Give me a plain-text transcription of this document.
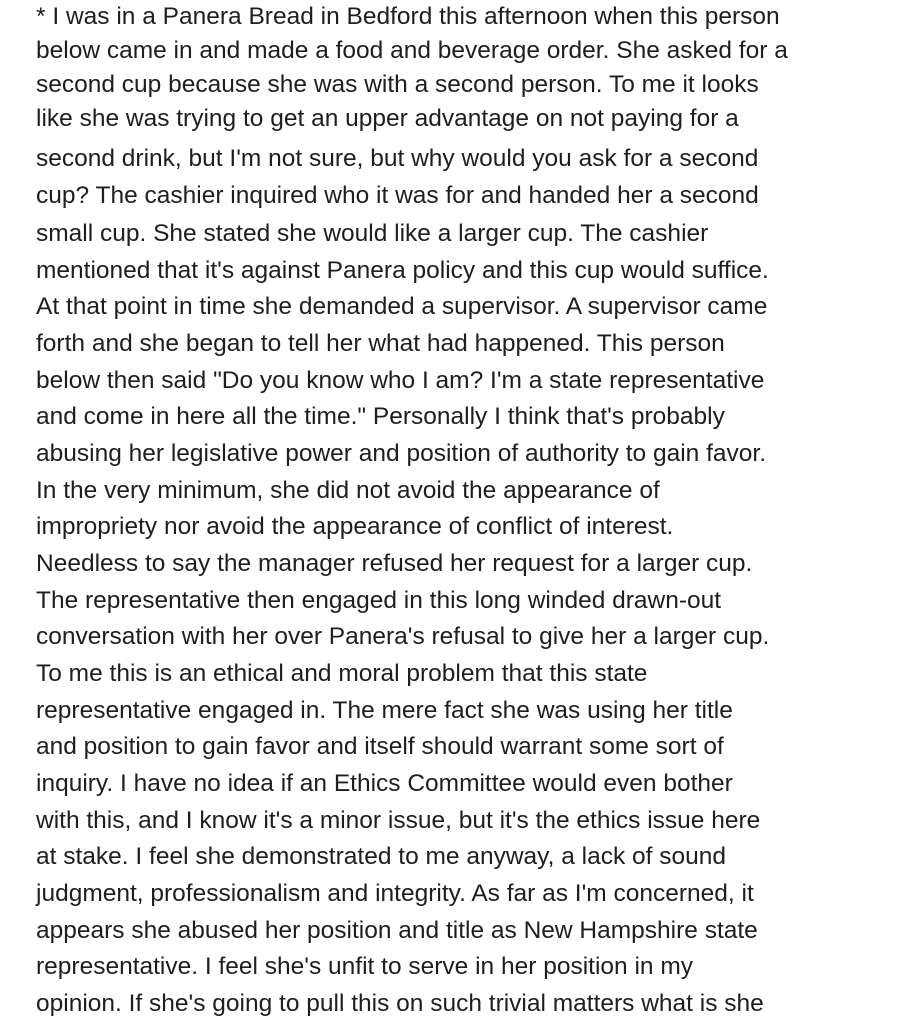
* I was in a Panera Bread in Bedford this afternoon when this person

below came in and made a food and beverage order. She asked for a

second cup because she was with a second person. To me it looks

like she was trying to get an upper advantage on not paying for a

second drink, but I'm not sure, but why would you ask for a second

cup? The cashier inquired who it was for and handed her a second

small cup. She stated she would like a larger cup. The cashier

mentioned that it's against Panera policy and this cup would suffice.

At that point in time she demanded a supervisor. A supervisor came

forth and she began to tell her what had happened. This person

below then said "Do you know who I am? I'm a state representative

and come in here all the time." Personally I think that's probably

abusing her legislative power and position of authority to gain favor.

In the very minimum, she did not avoid the appearance of

impropriety nor avoid the appearance of conflict of interest.

Needless to say the manager refused her request for a larger cup.

The representative then engaged in this long winded drawn-out

conversation with her over Panera's refusal to give her a larger cup.

To me this is an ethical and moral problem that this state

representative engaged in. The mere fact she was using her title

and position to gain favor and itself should warrant some sort of

inquiry. I have no idea if an Ethics Committee would even bother

with this, and I know it's a minor issue, but it's the ethics issue here

at stake. I feel she demonstrated to me anyway, a lack of sound

judgment, professionalism and integrity. As far as I'm concerned, it

appears she abused her position and title as New Hampshire state

representative. I feel she's unfit to serve in her position in my

opinion. If she's going to pull this on such trivial matters what is she
